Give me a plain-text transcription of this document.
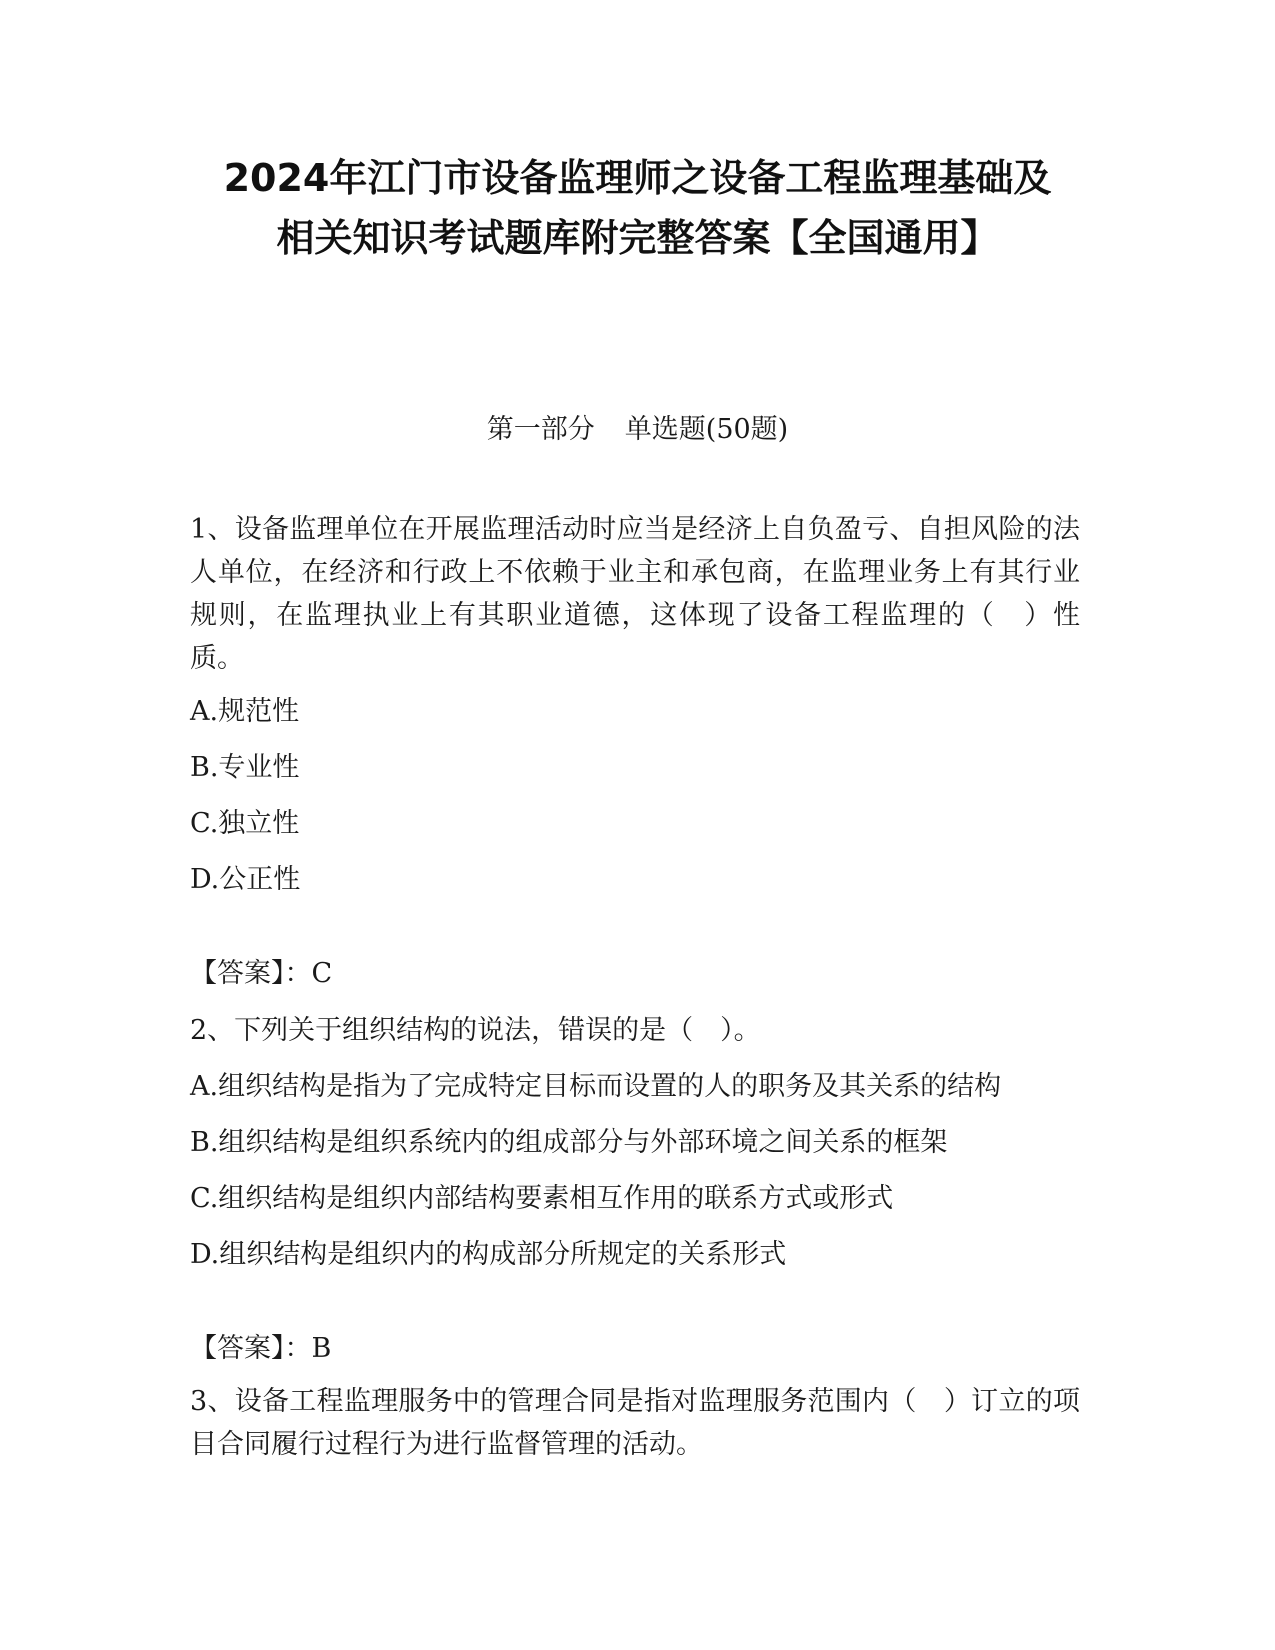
2024年江门市设备监理师之设备工程监理基础及
相关知识考试题库附完整答案【全国通用】
第一部分 单选题(50题)

1、设备监理单位在开展监理活动时应当是经济上自负盈亏、自担风险的法人单位，在经济和行政上不依赖于业主和承包商，在监理业务上有其行业规则，在监理执业上有其职业道德，这体现了设备工程监理的（　）性质。

A.规范性
B.专业性
C.独立性
D.公正性
【答案】：C

2、下列关于组织结构的说法，错误的是（　）。

A.组织结构是指为了完成特定目标而设置的人的职务及其关系的结构
B.组织结构是组织系统内的组成部分与外部环境之间关系的框架
C.组织结构是组织内部结构要素相互作用的联系方式或形式
D.组织结构是组织内的构成部分所规定的关系形式
【答案】：B

3、设备工程监理服务中的管理合同是指对监理服务范围内（　）订立的项目合同履行过程行为进行监督管理的活动。
